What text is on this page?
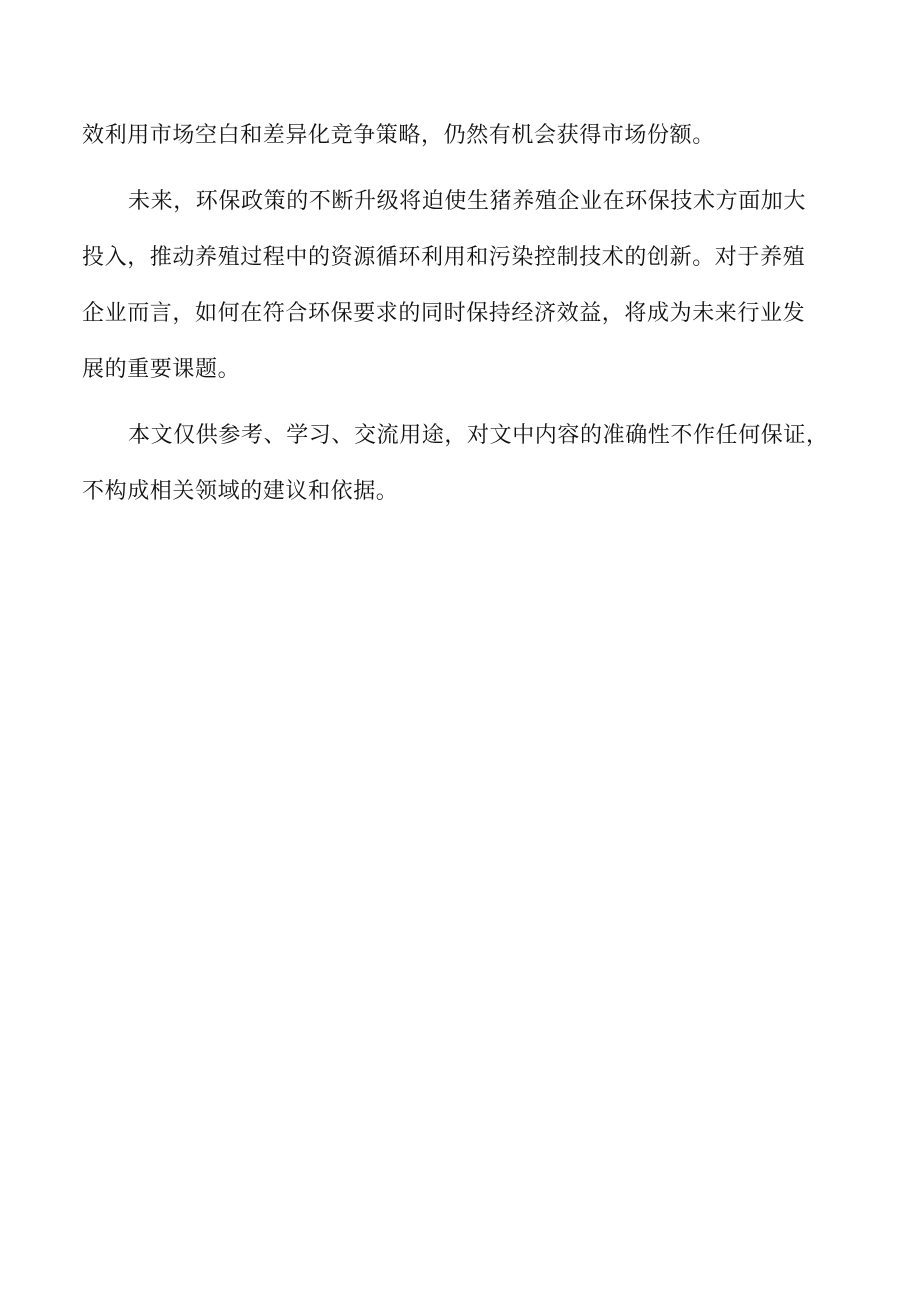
效利用市场空白和差异化竞争策略，仍然有机会获得市场份额。
未来，环保政策的不断升级将迫使生猪养殖企业在环保技术方面加大
投入，推动养殖过程中的资源循环利用和污染控制技术的创新。对于养殖
企业而言，如何在符合环保要求的同时保持经济效益，将成为未来行业发
展的重要课题。
本文仅供参考、学习、交流用途，对文中内容的准确性不作任何保证，
不构成相关领域的建议和依据。
